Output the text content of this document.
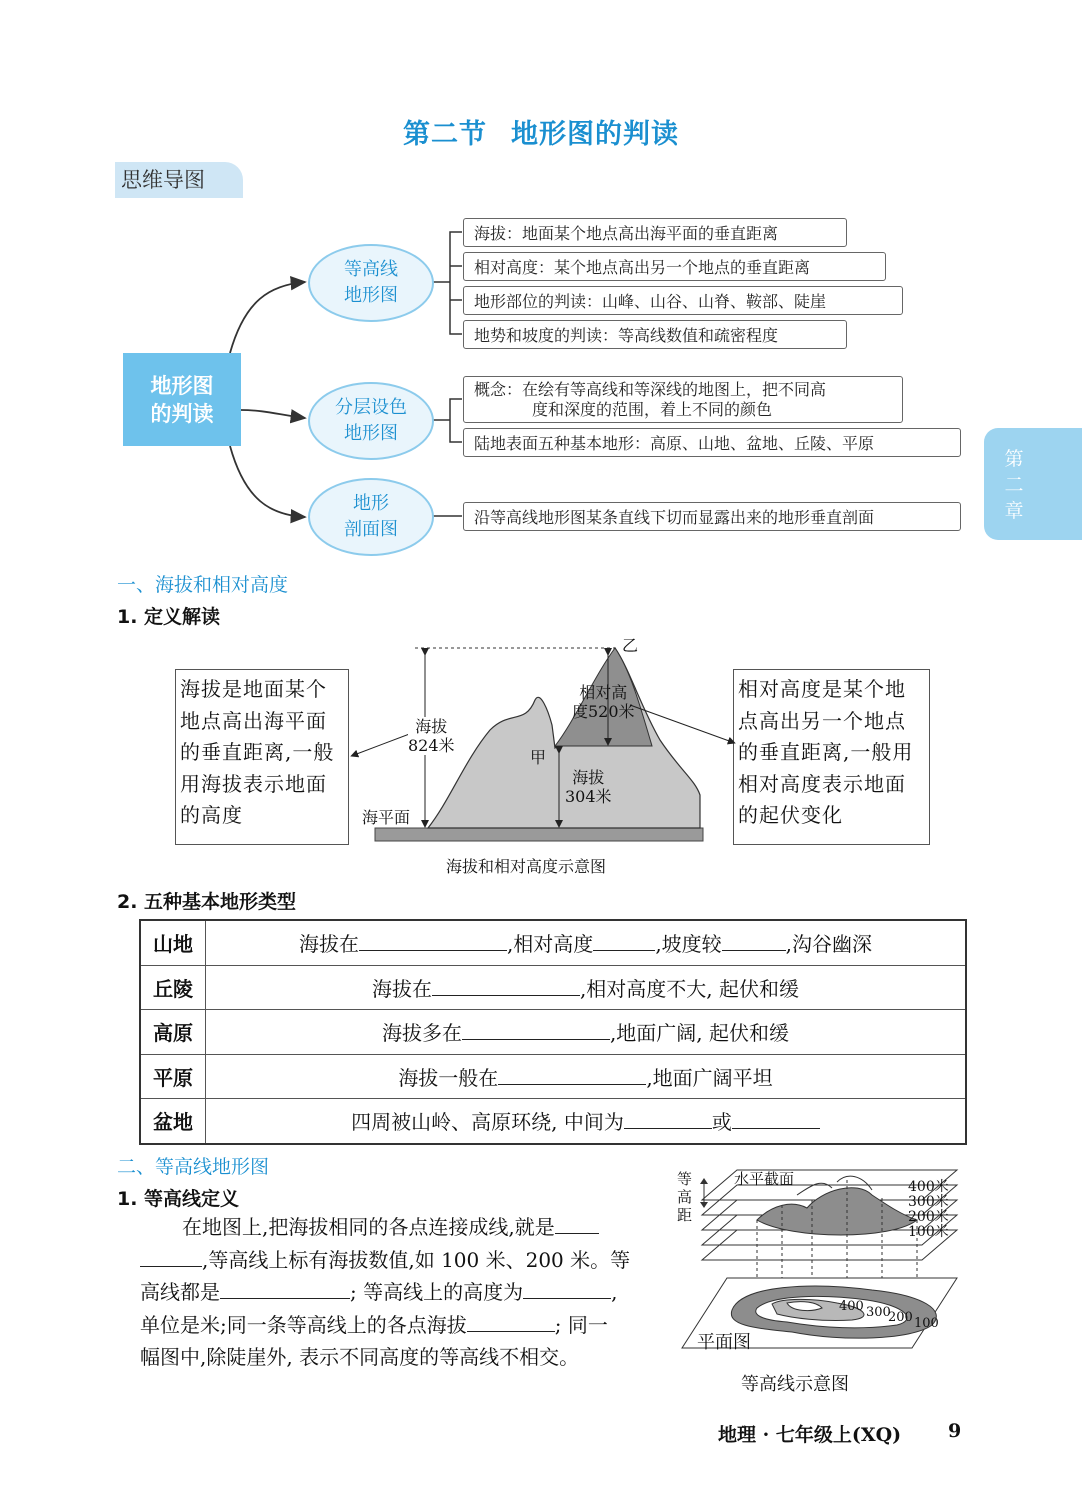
第二节 地形图的判读
思维导图
地形图
的判读
等高线
地形图
分层设色
地形图
地形
剖面图
海拔：地面某个地点高出海平面的垂直距离
相对高度：某个地点高出另一个地点的垂直距离
地形部位的判读：山峰、山谷、山脊、鞍部、陡崖
地势和坡度的判读：等高线数值和疏密程度
概念：在绘有等高线和等深线的地图上，把不同高
度和深度的范围，着上不同的颜色
陆地表面五种基本地形：高原、山地、盆地、丘陵、平原
沿等高线地形图某条直线下切而显露出来的地形垂直剖面
第
二
章
一、海拔和相对高度
1. 定义解读
海拔是地面某个
地点高出海平面
的垂直距离,一般
用海拔表示地面
的高度
相对高度是某个地
点高出另一个地点
的垂直距离,一般用
相对高度表示地面
的起伏变化
乙
甲
相对高
度520米
海拔
824米
海拔
304米
海平面
海拔和相对高度示意图
2. 五种基本地形类型
山地	海拔在 ,相对高度 ,坡度较 ,沟谷幽深
丘陵	海拔在 ,相对高度不大, 起伏和缓
高原	海拔多在 ,地面广阔, 起伏和缓
平原	海拔一般在 ,地面广阔平坦
盆地	四周被山岭、高原环绕, 中间为 或
二、等高线地形图
1. 等高线定义
在地图上,把海拔相同的各点连接成线,就是
,等高线上标有海拔数值,如 100 米、200 米。等
高线都是	; 等高线上的高度为	,
单位是米;同一条等高线上的各点海拔	; 同一
幅图中,除陡崖外, 表示不同高度的等高线不相交。
等
高
距
水平截面	400米
300米
200米
100米
400 300
200 100
平面图
等高线示意图
地理 · 七年级上(XQ) 9
